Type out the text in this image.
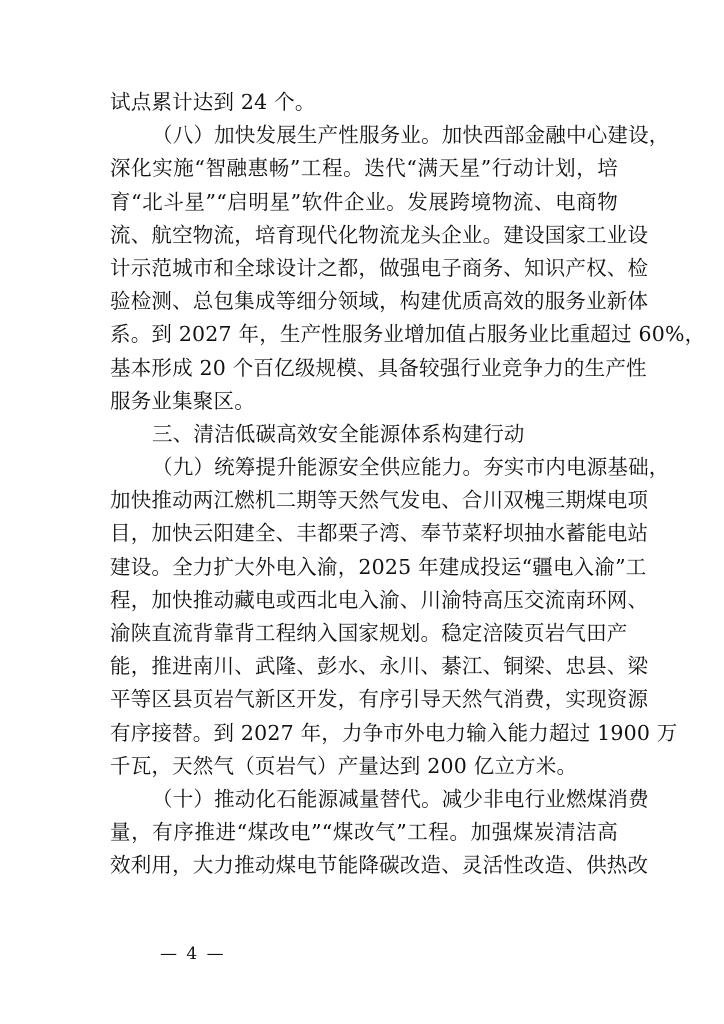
试点累计达到 24 个。
（八）加快发展生产性服务业。加快西部金融中心建设，
深化实施“智融惠畅”工程。迭代“满天星”行动计划，培
育“北斗星”“启明星”软件企业。发展跨境物流、电商物
流、航空物流，培育现代化物流龙头企业。建设国家工业设
计示范城市和全球设计之都，做强电子商务、知识产权、检
验检测、总包集成等细分领域，构建优质高效的服务业新体
系。到 2027 年，生产性服务业增加值占服务业比重超过 60%，
基本形成 20 个百亿级规模、具备较强行业竞争力的生产性
服务业集聚区。
三、清洁低碳高效安全能源体系构建行动
（九）统筹提升能源安全供应能力。夯实市内电源基础，
加快推动两江燃机二期等天然气发电、合川双槐三期煤电项
目，加快云阳建全、丰都栗子湾、奉节菜籽坝抽水蓄能电站
建设。全力扩大外电入渝，2025 年建成投运“疆电入渝”工
程，加快推动藏电或西北电入渝、川渝特高压交流南环网、
渝陕直流背靠背工程纳入国家规划。稳定涪陵页岩气田产
能，推进南川、武隆、彭水、永川、綦江、铜梁、忠县、梁
平等区县页岩气新区开发，有序引导天然气消费，实现资源
有序接替。到 2027 年，力争市外电力输入能力超过 1900 万
千瓦，天然气（页岩气）产量达到 200 亿立方米。
（十）推动化石能源减量替代。减少非电行业燃煤消费
量，有序推进“煤改电”“煤改气”工程。加强煤炭清洁高
效利用，大力推动煤电节能降碳改造、灵活性改造、供热改
— 4 —
